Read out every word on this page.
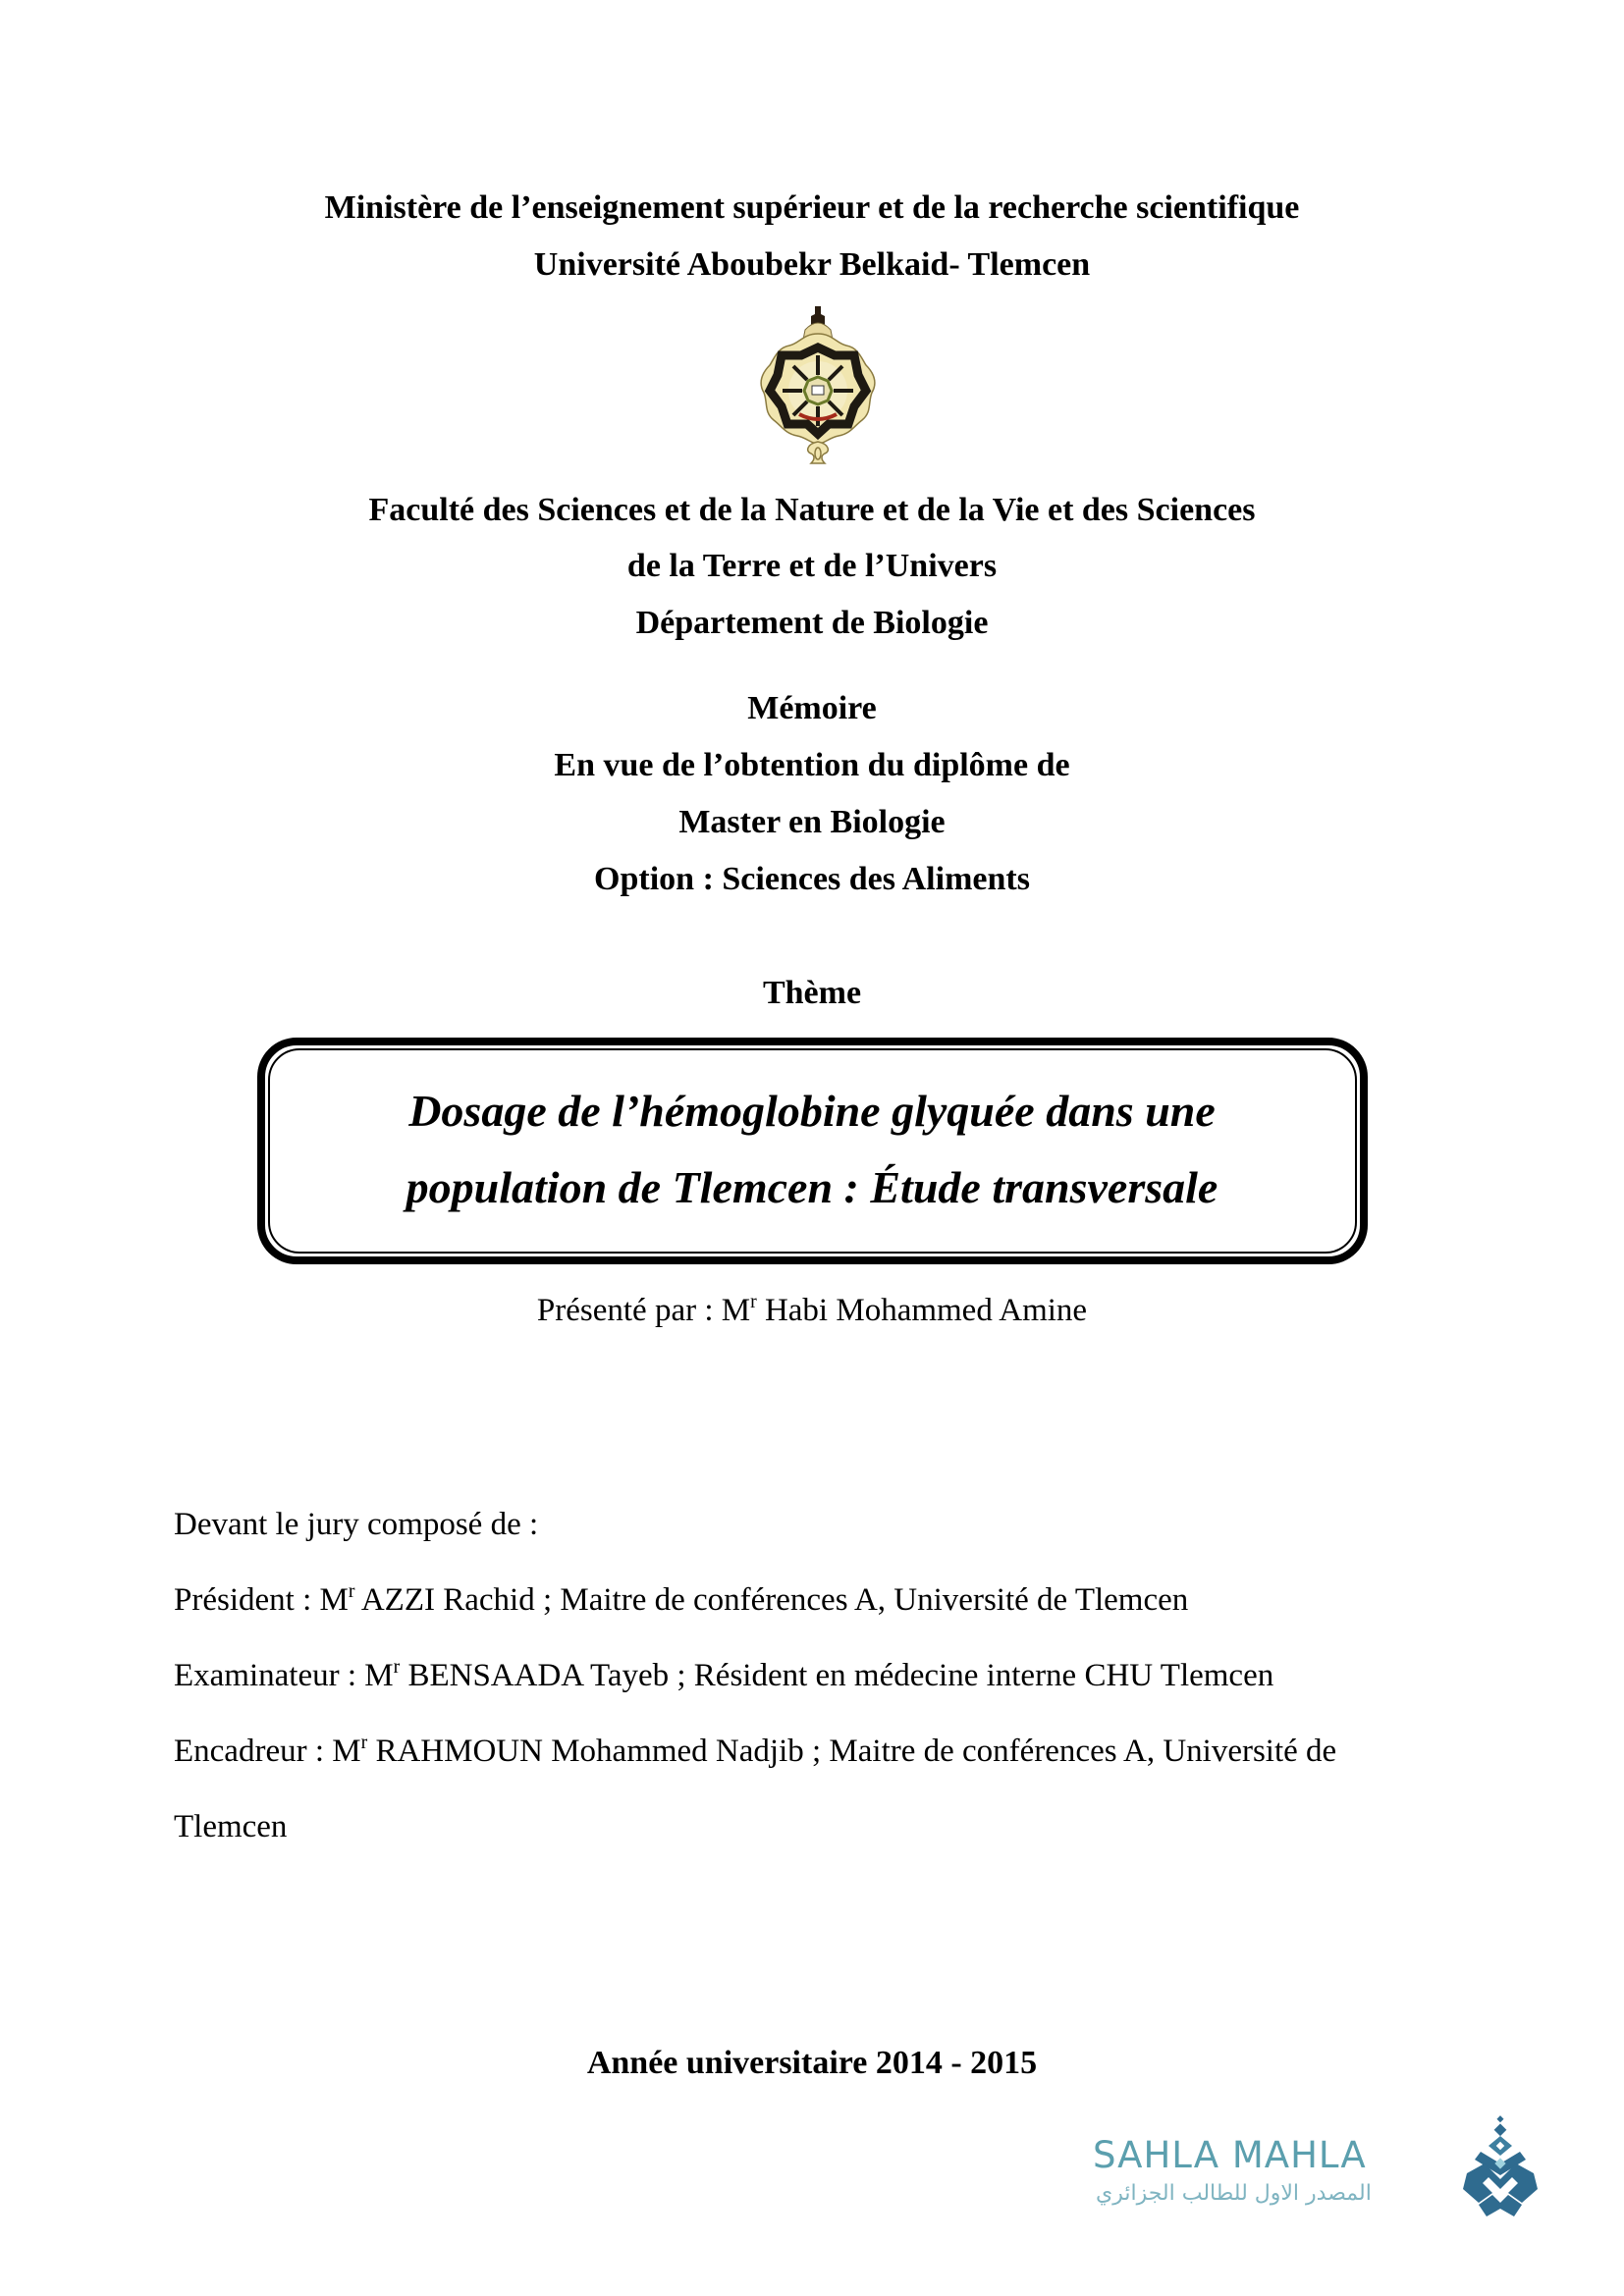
Ministère de l’enseignement supérieur et de la recherche scientifique
Université Aboubekr Belkaid- Tlemcen
Faculté des Sciences et de la Nature et de la Vie et des Sciences
de la Terre et de l’Univers
Département de Biologie
Mémoire
En vue de l’obtention du diplôme de
Master en Biologie
Option : Sciences des Aliments
Thème
Dosage de l’hémoglobine glyquée dans une
population de Tlemcen : Étude transversale
Présenté par : $M^r$ Habi Mohammed Amine
Devant le jury composé de :
Président : $M^r$ AZZI Rachid ; Maitre de conférences A, Université de Tlemcen
Examinateur : $M^r$ BENSAADA Tayeb ; Résident en médecine interne CHU Tlemcen
Encadreur : $M^r$ RAHMOUN Mohammed Nadjib ; Maitre de conférences A, Université de
Tlemcen
Année universitaire 2014 - 2015
SAHLA MAHLA
المصدر الاول للطالب الجزائري
